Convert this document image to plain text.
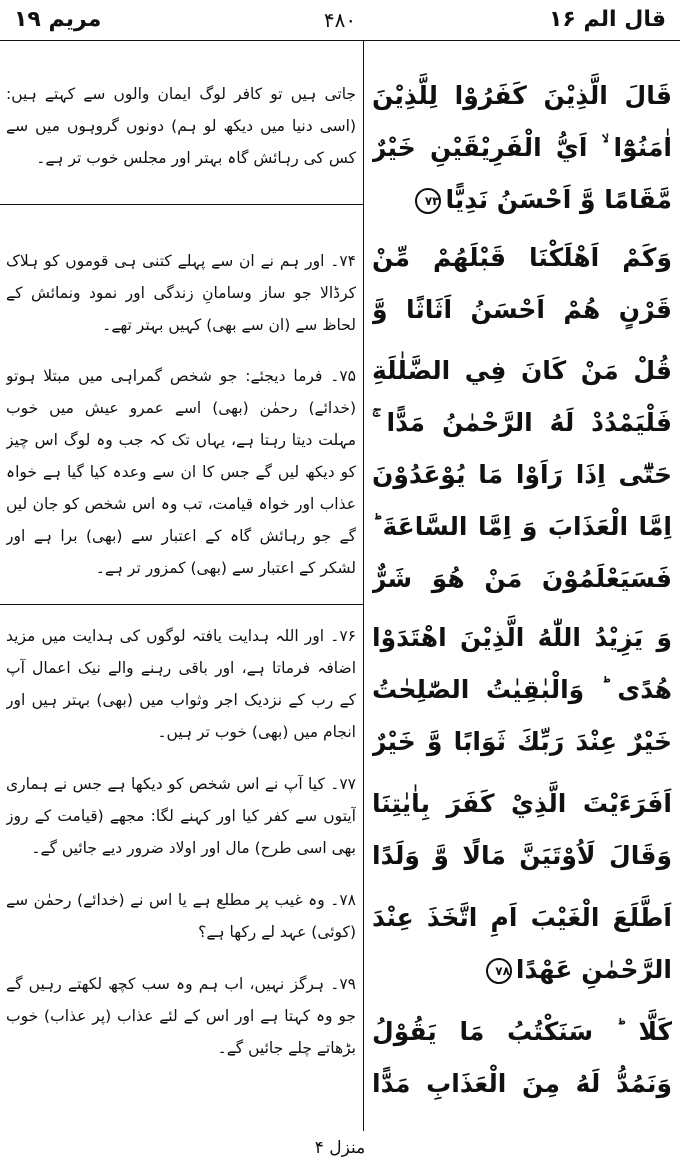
مریم ۱۹	۴۸۰	قال الم ۱۶
جاتی ہیں تو کافر لوگ ایمان والوں سے کہتے ہیں: (اسی دنیا میں دیکھ لو ہم) دونوں گروہوں میں سے کس کی رہائش گاہ بہتر اور مجلس خوب تر ہے۔
۷۴۔ اور ہم نے ان سے پہلے کتنی ہی قوموں کو ہلاک کرڈالا جو ساز وسامانِ زندگی اور نمود ونمائش کے لحاظ سے (ان سے بھی) کہیں بہتر تھے۔
۷۵۔ فرما دیجئے: جو شخص گمراہی میں مبتلا ہوتو (خدائے) رحمٰن (بھی) اسے عمرو عیش میں خوب مہلت دیتا رہتا ہے، یہاں تک کہ جب وہ لوگ اس چیز کو دیکھ لیں گے جس کا ان سے وعدہ کیا گیا ہے خواہ عذاب اور خواہ قیامت، تب وہ اس شخص کو جان لیں گے جو رہائش گاہ کے اعتبار سے (بھی) برا ہے اور لشکر کے اعتبار سے (بھی) کمزور تر ہے۔
۷۶۔ اور اللہ ہدایت یافتہ لوگوں کی ہدایت میں مزید اضافہ فرماتا ہے، اور باقی رہنے والے نیک اعمال آپ کے رب کے نزدیک اجر وثواب میں (بھی) بہتر ہیں اور انجام میں (بھی) خوب تر ہیں۔
۷۷۔ کیا آپ نے اس شخص کو دیکھا ہے جس نے ہماری آیتوں سے کفر کیا اور کہنے لگا: مجھے (قیامت کے روز بھی اسی طرح) مال اور اولاد ضرور دیے جائیں گے۔
۷۸۔ وہ غیب پر مطلع ہے یا اس نے (خدائے) رحمٰن سے (کوئی) عہد لے رکھا ہے؟
۷۹۔ ہرگز نہیں، اب ہم وہ سب کچھ لکھتے رہیں گے جو وہ کہتا ہے اور اس کے لئے عذاب (پر عذاب) خوب بڑھاتے چلے جائیں گے۔
قَالَ الَّذِيْنَ كَفَرُوْا لِلَّذِيْنَ اٰمَنُوْٓا ۙ اَيُّ الْفَرِيْقَيْنِ خَيْرٌ مَّقَامًا وَّ اَحْسَنُ نَدِيًّا۷۳
وَكَمْ اَهْلَكْنَا قَبْلَهُمْ مِّنْ قَرْنٍ هُمْ اَحْسَنُ اَثَاثًا وَّ
قُلْ مَنْ كَانَ فِي الضَّلٰلَةِ فَلْيَمْدُدْ لَهُ الرَّحْمٰنُ مَدًّا ۚ حَتّٰٓى اِذَا رَاَوْا مَا يُوْعَدُوْنَ اِمَّا الْعَذَابَ وَ اِمَّا السَّاعَةَ ؕ فَسَيَعْلَمُوْنَ مَنْ هُوَ شَرٌّ
وَ يَزِيْدُ اللّٰهُ الَّذِيْنَ اهْتَدَوْا هُدًى ؕ وَالْبٰقِيٰتُ الصّٰلِحٰتُ خَيْرٌ عِنْدَ رَبِّكَ ثَوَابًا وَّ خَيْرٌ
اَفَرَءَيْتَ الَّذِيْ كَفَرَ بِاٰيٰتِنَا وَقَالَ لَاُوْتَيَنَّ مَالًا وَّ وَلَدًا
اَطَّلَعَ الْغَيْبَ اَمِ اتَّخَذَ عِنْدَ الرَّحْمٰنِ عَهْدًا۷۸
كَلَّا ؕ سَنَكْتُبُ مَا يَقُوْلُ وَنَمُدُّ لَهُ مِنَ الْعَذَابِ مَدًّا
منزل ۴
